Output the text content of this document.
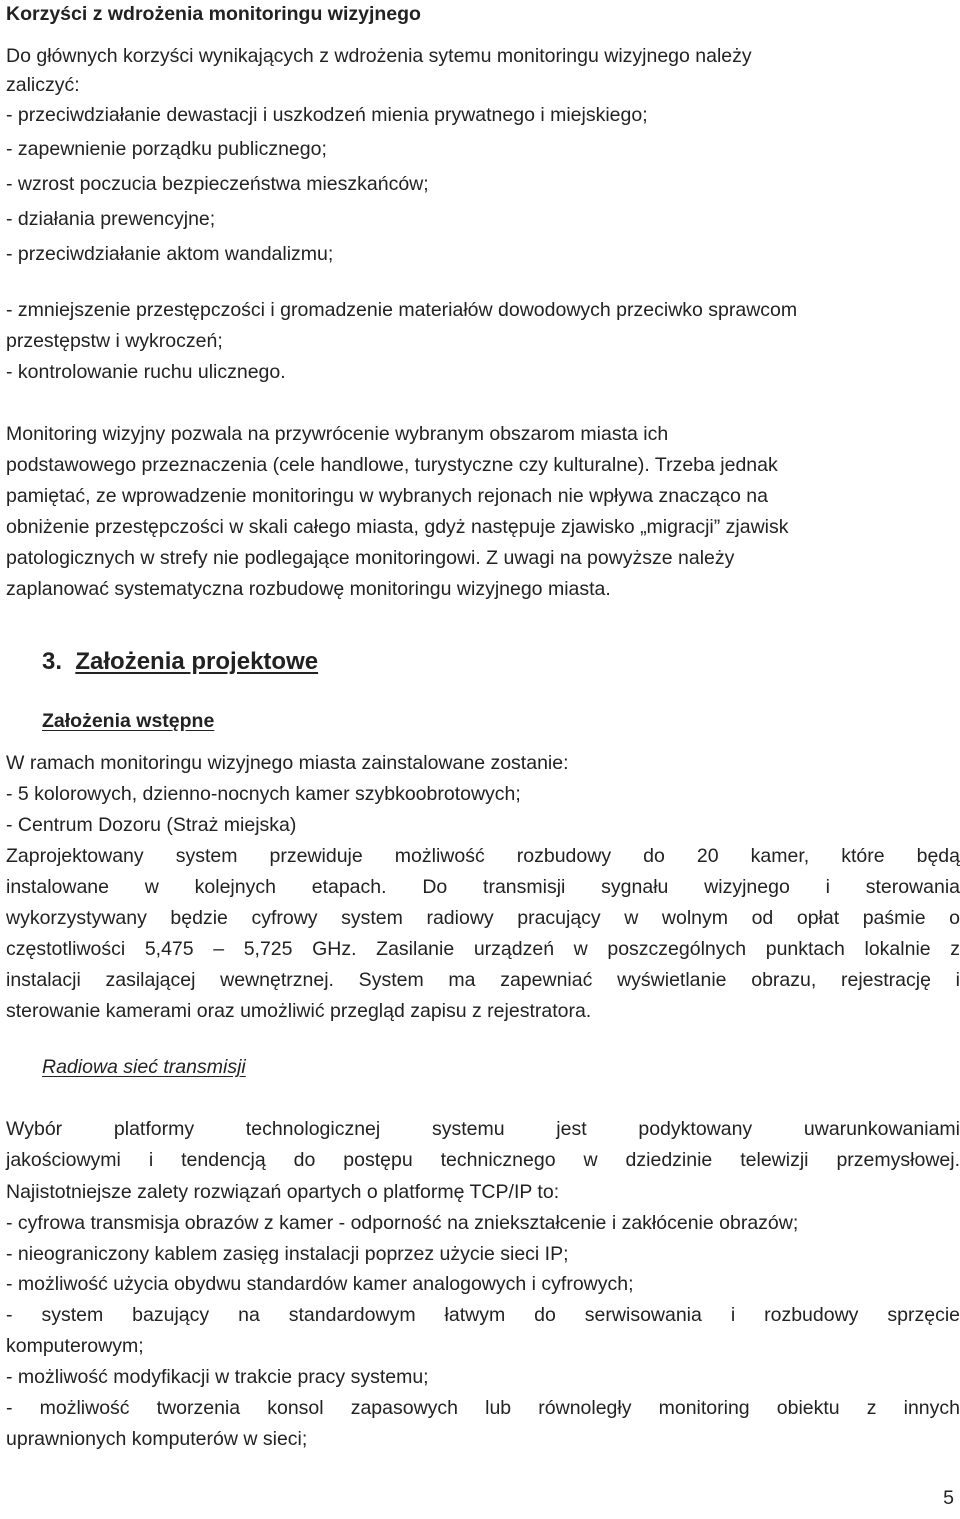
Korzyści z wdrożenia monitoringu wizyjnego
Do głównych korzyści wynikających z wdrożenia sytemu monitoringu wizyjnego należy
zaliczyć:
- przeciwdziałanie dewastacji i uszkodzeń mienia prywatnego i miejskiego;
- zapewnienie porządku publicznego;
- wzrost poczucia bezpieczeństwa mieszkańców;
- działania prewencyjne;
- przeciwdziałanie aktom wandalizmu;
- zmniejszenie przestępczości i gromadzenie materiałów dowodowych przeciwko sprawcom
przestępstw i wykroczeń;
- kontrolowanie ruchu ulicznego.
Monitoring wizyjny pozwala na przywrócenie wybranym obszarom miasta ich
podstawowego przeznaczenia (cele handlowe, turystyczne czy kulturalne). Trzeba jednak
pamiętać, ze wprowadzenie monitoringu w wybranych rejonach nie wpływa znacząco na
obniżenie przestępczości w skali całego miasta, gdyż następuje zjawisko „migracji” zjawisk
patologicznych w strefy nie podlegające monitoringowi. Z uwagi na powyższe należy
zaplanować systematyczna rozbudowę monitoringu wizyjnego miasta.
3. Założenia projektowe
Założenia wstępne
W ramach monitoringu wizyjnego miasta zainstalowane zostanie:
- 5 kolorowych, dzienno-nocnych kamer szybkoobrotowych;
- Centrum Dozoru (Straż miejska)
Zaprojektowany system przewiduje możliwość rozbudowy do 20 kamer, które będą
instalowane w kolejnych etapach. Do transmisji sygnału wizyjnego i sterowania
wykorzystywany będzie cyfrowy system radiowy pracujący w wolnym od opłat paśmie o
częstotliwości 5,475 – 5,725 GHz. Zasilanie urządzeń w poszczególnych punktach lokalnie z
instalacji zasilającej wewnętrznej. System ma zapewniać wyświetlanie obrazu, rejestrację i
sterowanie kamerami oraz umożliwić przegląd zapisu z rejestratora.
Radiowa sieć transmisji
Wybór platformy technologicznej systemu jest podyktowany uwarunkowaniami
jakościowymi i tendencją do postępu technicznego w dziedzinie telewizji przemysłowej.
Najistotniejsze zalety rozwiązań opartych o platformę TCP/IP to:
- cyfrowa transmisja obrazów z kamer - odporność na zniekształcenie i zakłócenie obrazów;
- nieograniczony kablem zasięg instalacji poprzez użycie sieci IP;
- możliwość użycia obydwu standardów kamer analogowych i cyfrowych;
- system bazujący na standardowym łatwym do serwisowania i rozbudowy sprzęcie
komputerowym;
- możliwość modyfikacji w trakcie pracy systemu;
- możliwość tworzenia konsol zapasowych lub równoległy monitoring obiektu z innych
uprawnionych komputerów w sieci;
5
